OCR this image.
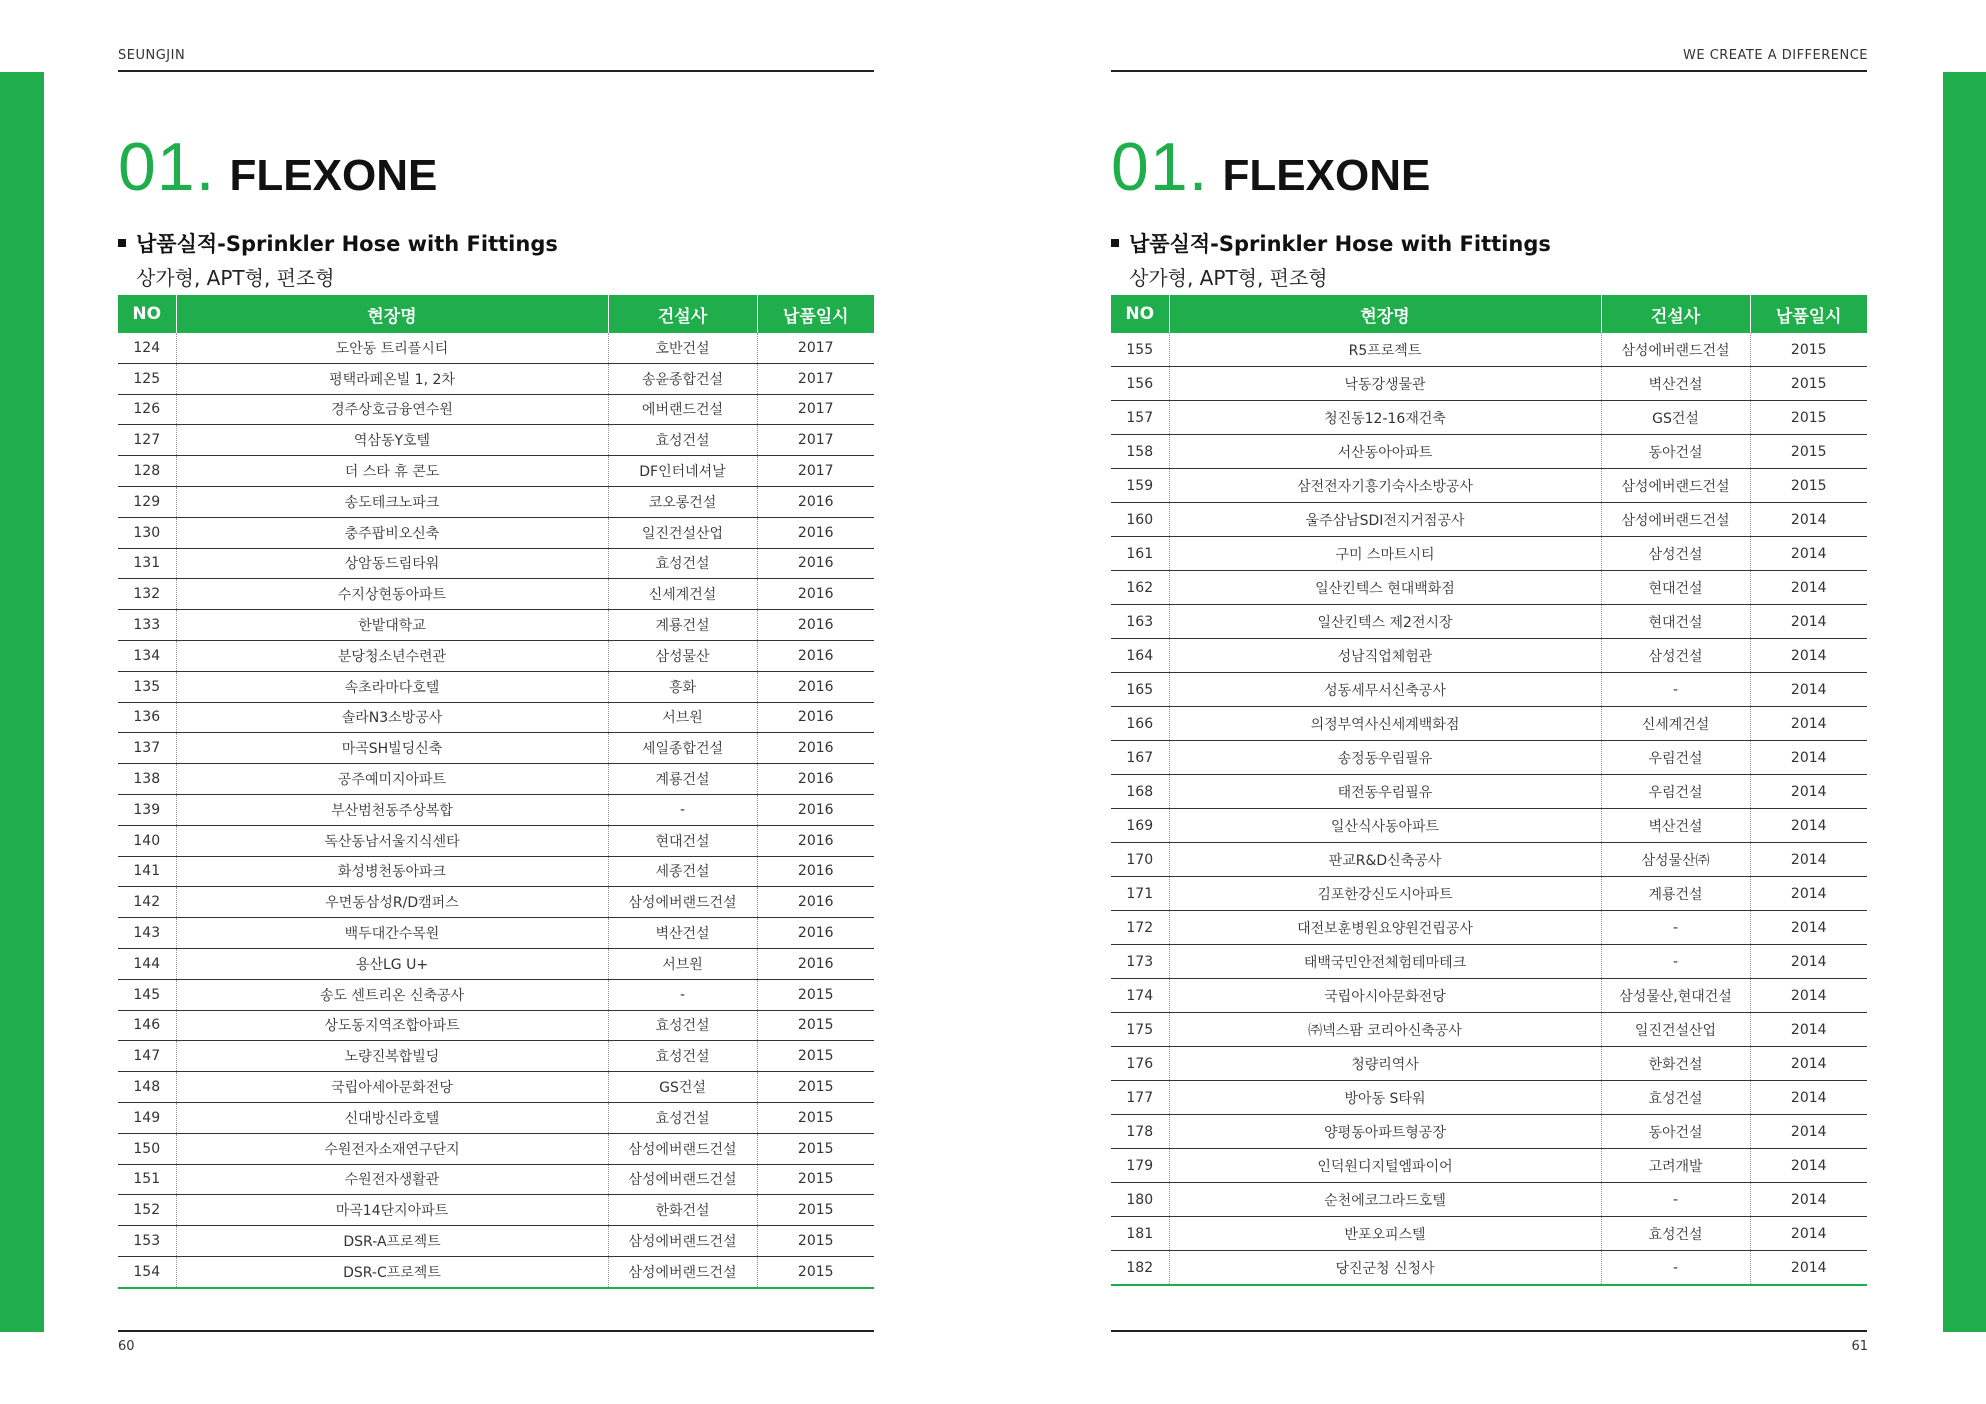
SEUNGJIN
01. FLEXONE
납품실적-Sprinkler Hose with Fittings
상가형, APT형, 편조형
NO	현장명	건설사	납품일시
124	도안동 트리플시티	호반건설	2017
125	평택라페온빌 1, 2차	송윤종합건설	2017
126	경주상호금융연수원	에버랜드건설	2017
127	역삼동Y호텔	효성건설	2017
128	더 스타 휴 콘도	DF인터네셔날	2017
129	송도테크노파크	코오롱건설	2016
130	충주팝비오신축	일진건설산업	2016
131	상암동드림타워	효성건설	2016
132	수지상현동아파트	신세계건설	2016
133	한밭대학교	계룡건설	2016
134	분당청소년수련관	삼성물산	2016
135	속초라마다호텔	흥화	2016
136	솔라N3소방공사	서브원	2016
137	마곡SH빌딩신축	세일종합건설	2016
138	공주예미지아파트	계룡건설	2016
139	부산범천동주상복합	-	2016
140	독산동남서울지식센타	현대건설	2016
141	화성병천동아파크	세종건설	2016
142	우면동삼성R/D캠퍼스	삼성에버랜드건설	2016
143	백두대간수목원	벽산건설	2016
144	용산LG U+	서브원	2016
145	송도 센트리온 신축공사	-	2015
146	상도동지역조합아파트	효성건설	2015
147	노량진복합빌딩	효성건설	2015
148	국립아세아문화전당	GS건설	2015
149	신대방신라호텔	효성건설	2015
150	수원전자소재연구단지	삼성에버랜드건설	2015
151	수원전자생활관	삼성에버랜드건설	2015
152	마곡14단지아파트	한화건설	2015
153	DSR-A프로젝트	삼성에버랜드건설	2015
154	DSR-C프로젝트	삼성에버랜드건설	2015
60
WE CREATE A DIFFERENCE
01. FLEXONE
납품실적-Sprinkler Hose with Fittings
상가형, APT형, 편조형
NO	현장명	건설사	납품일시
155	R5프로젝트	삼성에버랜드건설	2015
156	낙동강생물관	벽산건설	2015
157	청진동12-16재건축	GS건설	2015
158	서산동아아파트	동아건설	2015
159	삼전전자기흥기숙사소방공사	삼성에버랜드건설	2015
160	울주삼남SDI전지거점공사	삼성에버랜드건설	2014
161	구미 스마트시티	삼성건설	2014
162	일산킨텍스 현대백화점	현대건설	2014
163	일산킨텍스 제2전시장	현대건설	2014
164	성남직업체험관	삼성건설	2014
165	성동세무서신축공사	-	2014
166	의정부역사신세계백화점	신세계건설	2014
167	송정동우림필유	우림건설	2014
168	태전동우림필유	우림건설	2014
169	일산식사동아파트	벽산건설	2014
170	판교R&D신축공사	삼성물산㈜	2014
171	김포한강신도시아파트	계룡건설	2014
172	대전보훈병원요양원건립공사	-	2014
173	태백국민안전체험테마테크	-	2014
174	국립아시아문화전당	삼성물산,현대건설	2014
175	㈜넥스팜 코리아신축공사	일진건설산업	2014
176	청량리역사	한화건설	2014
177	방아동 S타워	효성건설	2014
178	양평동아파트형공장	동아건설	2014
179	인덕원디지털엠파이어	고려개발	2014
180	순천에코그라드호텔	-	2014
181	반포오피스텔	효성건설	2014
182	당진군청 신청사	-	2014
61
